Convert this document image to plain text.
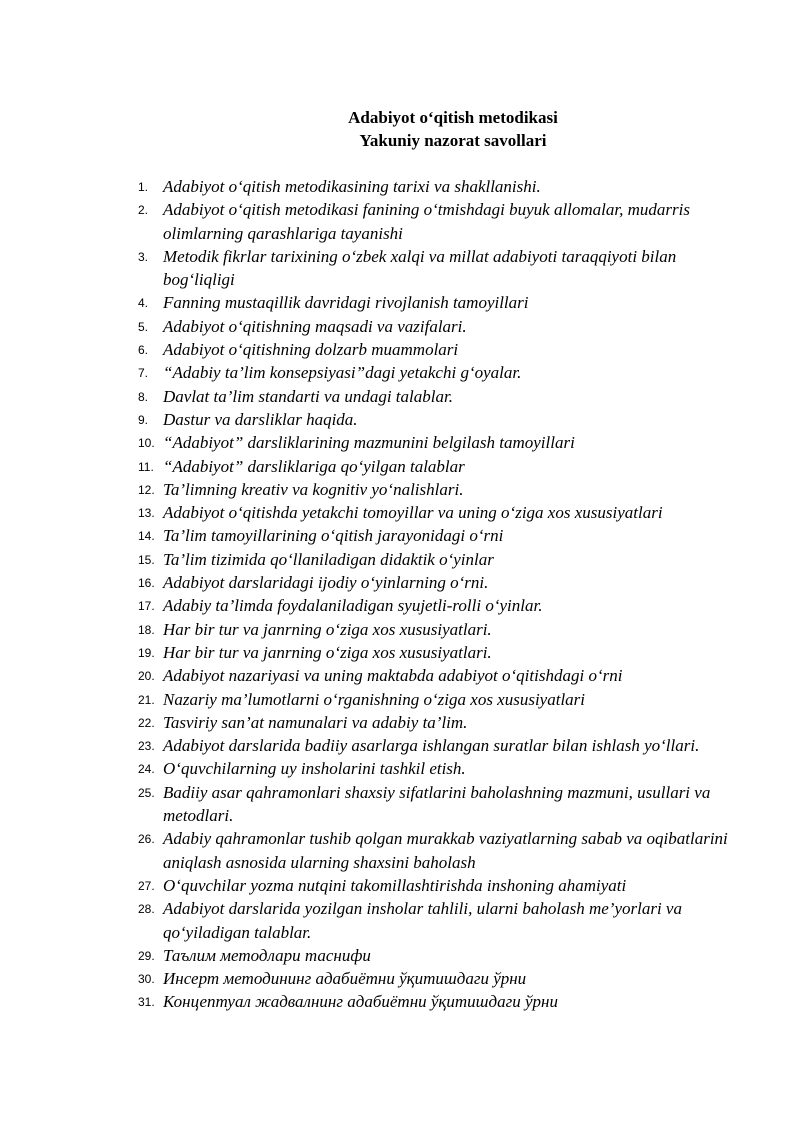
Adabiyot o‘qitish metodikasi
Yakuniy nazorat savollari
1. Adabiyot o‘qitish metodikasining tarixi va shakllanishi.
2. Adabiyot o‘qitish metodikasi fanining o‘tmishdagi buyuk allomalar, mudarris olimlarning qarashlariga tayanishi
3. Metodik fikrlar tarixining o‘zbek xalqi va millat adabiyoti taraqqiyoti bilan bog‘liqligi
4. Fanning mustaqillik davridagi rivojlanish tamoyillari
5. Adabiyot o‘qitishning maqsadi va vazifalari.
6. Adabiyot o‘qitishning dolzarb muammolari
7. “Adabiy ta’lim konsepsiyasi”dagi yetakchi g‘oyalar.
8. Davlat ta’lim standarti va undagi talablar.
9. Dastur va darsliklar haqida.
10. “Adabiyot” darsliklarining mazmunini belgilash tamoyillari
11. “Adabiyot” darsliklariga qo‘yilgan talablar
12. Ta’limning kreativ va kognitiv yo‘nalishlari.
13. Adabiyot o‘qitishda yetakchi tomoyillar va uning o‘ziga xos xususiyatlari
14. Ta’lim tamoyillarining o‘qitish jarayonidagi o‘rni
15. Ta’lim tizimida qo‘llaniladigan didaktik o‘yinlar
16. Adabiyot darslaridagi ijodiy o‘yinlarning o‘rni.
17. Adabiy ta’limda foydalaniladigan syujetli-rolli o‘yinlar.
18. Har bir tur va janrning o‘ziga xos xususiyatlari.
19. Har bir tur va janrning o‘ziga xos xususiyatlari.
20. Adabiyot nazariyasi va uning maktabda adabiyot o‘qitishdagi o‘rni
21. Nazariy ma’lumotlarni o‘rganishning o‘ziga xos xususiyatlari
22. Tasviriy san’at namunalari va adabiy ta’lim.
23. Adabiyot darslarida badiiy asarlarga ishlangan suratlar bilan ishlash yo‘llari.
24. O‘quvchilarning uy insholarini tashkil etish.
25. Badiiy asar qahramonlari shaxsiy sifatlarini baholashning mazmuni, usullari va metodlari.
26. Adabiy qahramonlar tushib qolgan murakkab vaziyatlarning sabab va oqibatlarini aniqlash asnosida ularning shaxsini baholash
27. O‘quvchilar yozma nutqini takomillashtirishda inshoning ahamiyati
28. Adabiyot darslarida yozilgan insholar tahlili, ularni baholash me’yorlari va qo‘yiladigan talablar.
29. Таълим методлари таснифи
30. Инсерт методининг адабиётни ўқитишдаги ўрни
31. Концептуал жадвалнинг адабиётни ўқитишдаги ўрни
